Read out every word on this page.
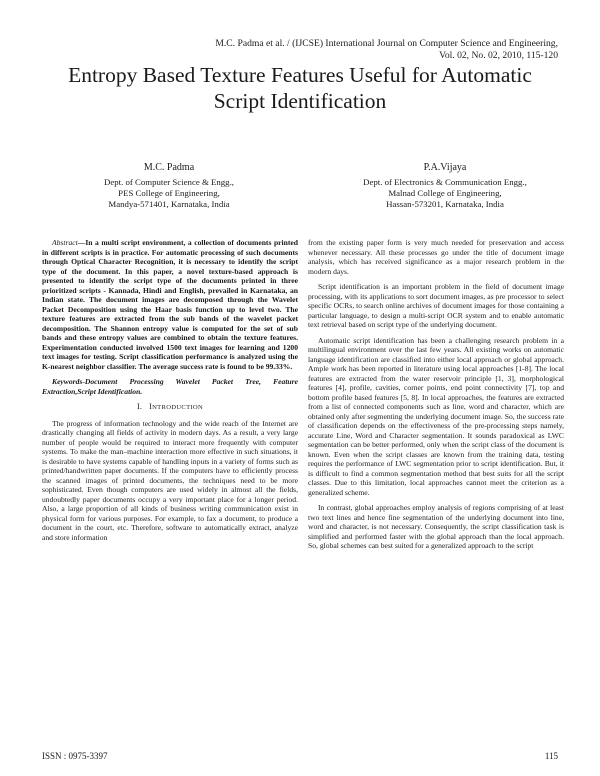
M.C. Padma et al. / (IJCSE) International Journal on Computer Science and Engineering,
Vol. 02, No. 02, 2010, 115-120
Entropy Based Texture Features Useful for Automatic
Script Identification
M.C. Padma
Dept. of Computer Science & Engg.,
PES College of Engineering,
Mandya-571401, Karnataka, India
P.A.Vijaya
Dept. of Electronics & Communication Engg.,
Malnad College of Engineering,
Hassan-573201, Karnataka, India

Abstract—In a multi script environment, a collection of documents printed in different scripts is in practice. For automatic processing of such documents through Optical Character Recognition, it is necessary to identify the script type of the document. In this paper, a novel texture-based approach is presented to identify the script type of the documents printed in three prioritized scripts - Kannada, Hindi and English, prevailed in Karnataka, an Indian state. The document images are decomposed through the Wavelet Packet Decomposition using the Haar basis function up to level two. The texture features are extracted from the sub bands of the wavelet packet decomposition. The Shannon entropy value is computed for the set of sub bands and these entropy values are combined to obtain the texture features. Experimentation conducted involved 1500 text images for learning and 1200 text images for testing. Script classification performance is analyzed using the K-nearest neighbor classifier. The average success rate is found to be 99.33%.

Keywords-Document Processing Wavelet Packet Tree, Feature Extraction,Script Identification.

I. INTRODUCTION

The progress of information technology and the wide reach of the Internet are drastically changing all fields of activity in modern days. As a result, a very large number of people would be required to interact more frequently with computer systems. To make the man–machine interaction more effective in such situations, it is desirable to have systems capable of handling inputs in a variety of forms such as printed/handwritten paper documents. If the computers have to efficiently process the scanned images of printed documents, the techniques need to be more sophisticated. Even though computers are used widely in almost all the fields, undoubtedly paper documents occupy a very important place for a longer period. Also, a large proportion of all kinds of business writing communication exist in physical form for various purposes. For example, to fax a document, to produce a document in the court, etc. Therefore, software to automatically extract, analyze and store information

from the existing paper form is very much needed for preservation and access whenever necessary. All these processes go under the title of document image analysis, which has received significance as a major research problem in the modern days.

Script identification is an important problem in the field of document image processing, with its applications to sort document images, as pre processor to select specific OCRs, to search online archives of document images for those containing a particular language, to design a multi-script OCR system and to enable automatic text retrieval based on script type of the underlying document.

Automatic script identification has been a challenging research problem in a multilingual environment over the last few years. All existing works on automatic language identification are classified into either local approach or global approach. Ample work has been reported in literature using local approaches [1-8]. The local features are extracted from the water reservoir principle [1, 3], morphological features [4], profile, cavities, corner points, end point connectivity [7], top and bottom profile based features [5, 8]. In local approaches, the features are extracted from a list of connected components such as line, word and character, which are obtained only after segmenting the underlying document image. So, the success rate of classification depends on the effectiveness of the pre-processing steps namely, accurate Line, Word and Character segmentation. It sounds paradoxical as LWC segmentation can be better performed, only when the script class of the document is known. Even when the script classes are known from the training data, testing requires the performance of LWC segmentation prior to script identification. But, it is difficult to find a common segmentation method that best suits for all the script classes. Due to this limitation, local approaches cannot meet the criterion as a generalized scheme.

In contrast, global approaches employ analysis of regions comprising of at least two text lines and hence fine segmentation of the underlying document into line, word and character, is not necessary. Consequently, the script classification task is simplified and performed faster with the global approach than the local approach. So, global schemes can best suited for a generalized approach to the script

ISSN : 0975-3397	115
